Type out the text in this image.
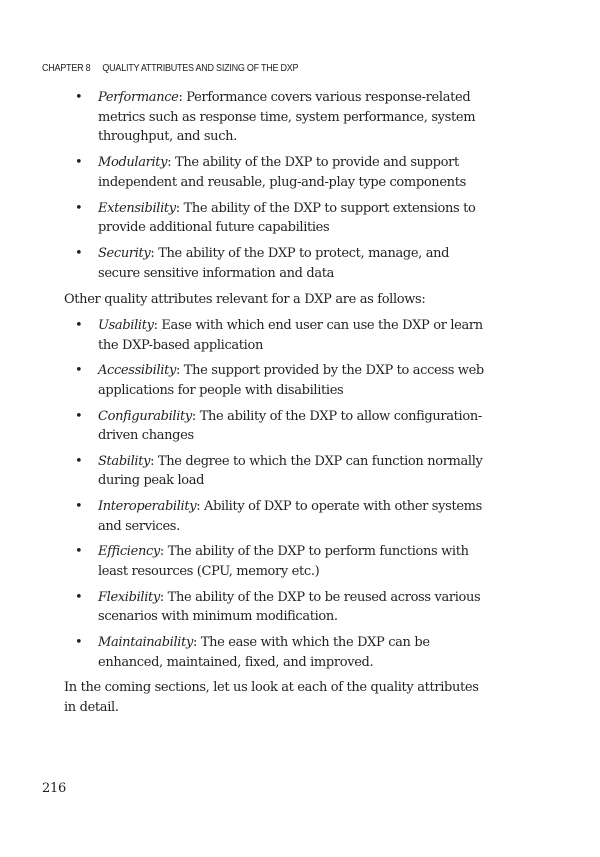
CHAPTER 8 QUALITY ATTRIBUTES AND SIZING OF THE DXP
• Performance: Performance covers various response-related metrics such as response time, system performance, system throughput, and such.
• Modularity: The ability of the DXP to provide and support independent and reusable, plug-and-play type components
• Extensibility: The ability of the DXP to support extensions to provide additional future capabilities
• Security: The ability of the DXP to protect, manage, and secure sensitive information and data

Other quality attributes relevant for a DXP are as follows:

• Usability: Ease with which end user can use the DXP or learn the DXP-based application
• Accessibility: The support provided by the DXP to access web applications for people with disabilities
• Configurability: The ability of the DXP to allow configuration-driven changes
• Stability: The degree to which the DXP can function normally during peak load
• Interoperability: Ability of DXP to operate with other systems and services.
• Efficiency: The ability of the DXP to perform functions with least resources (CPU, memory etc.)
• Flexibility: The ability of the DXP to be reused across various scenarios with minimum modification.
• Maintainability: The ease with which the DXP can be enhanced, maintained, fixed, and improved.

In the coming sections, let us look at each of the quality attributes in detail.

216
